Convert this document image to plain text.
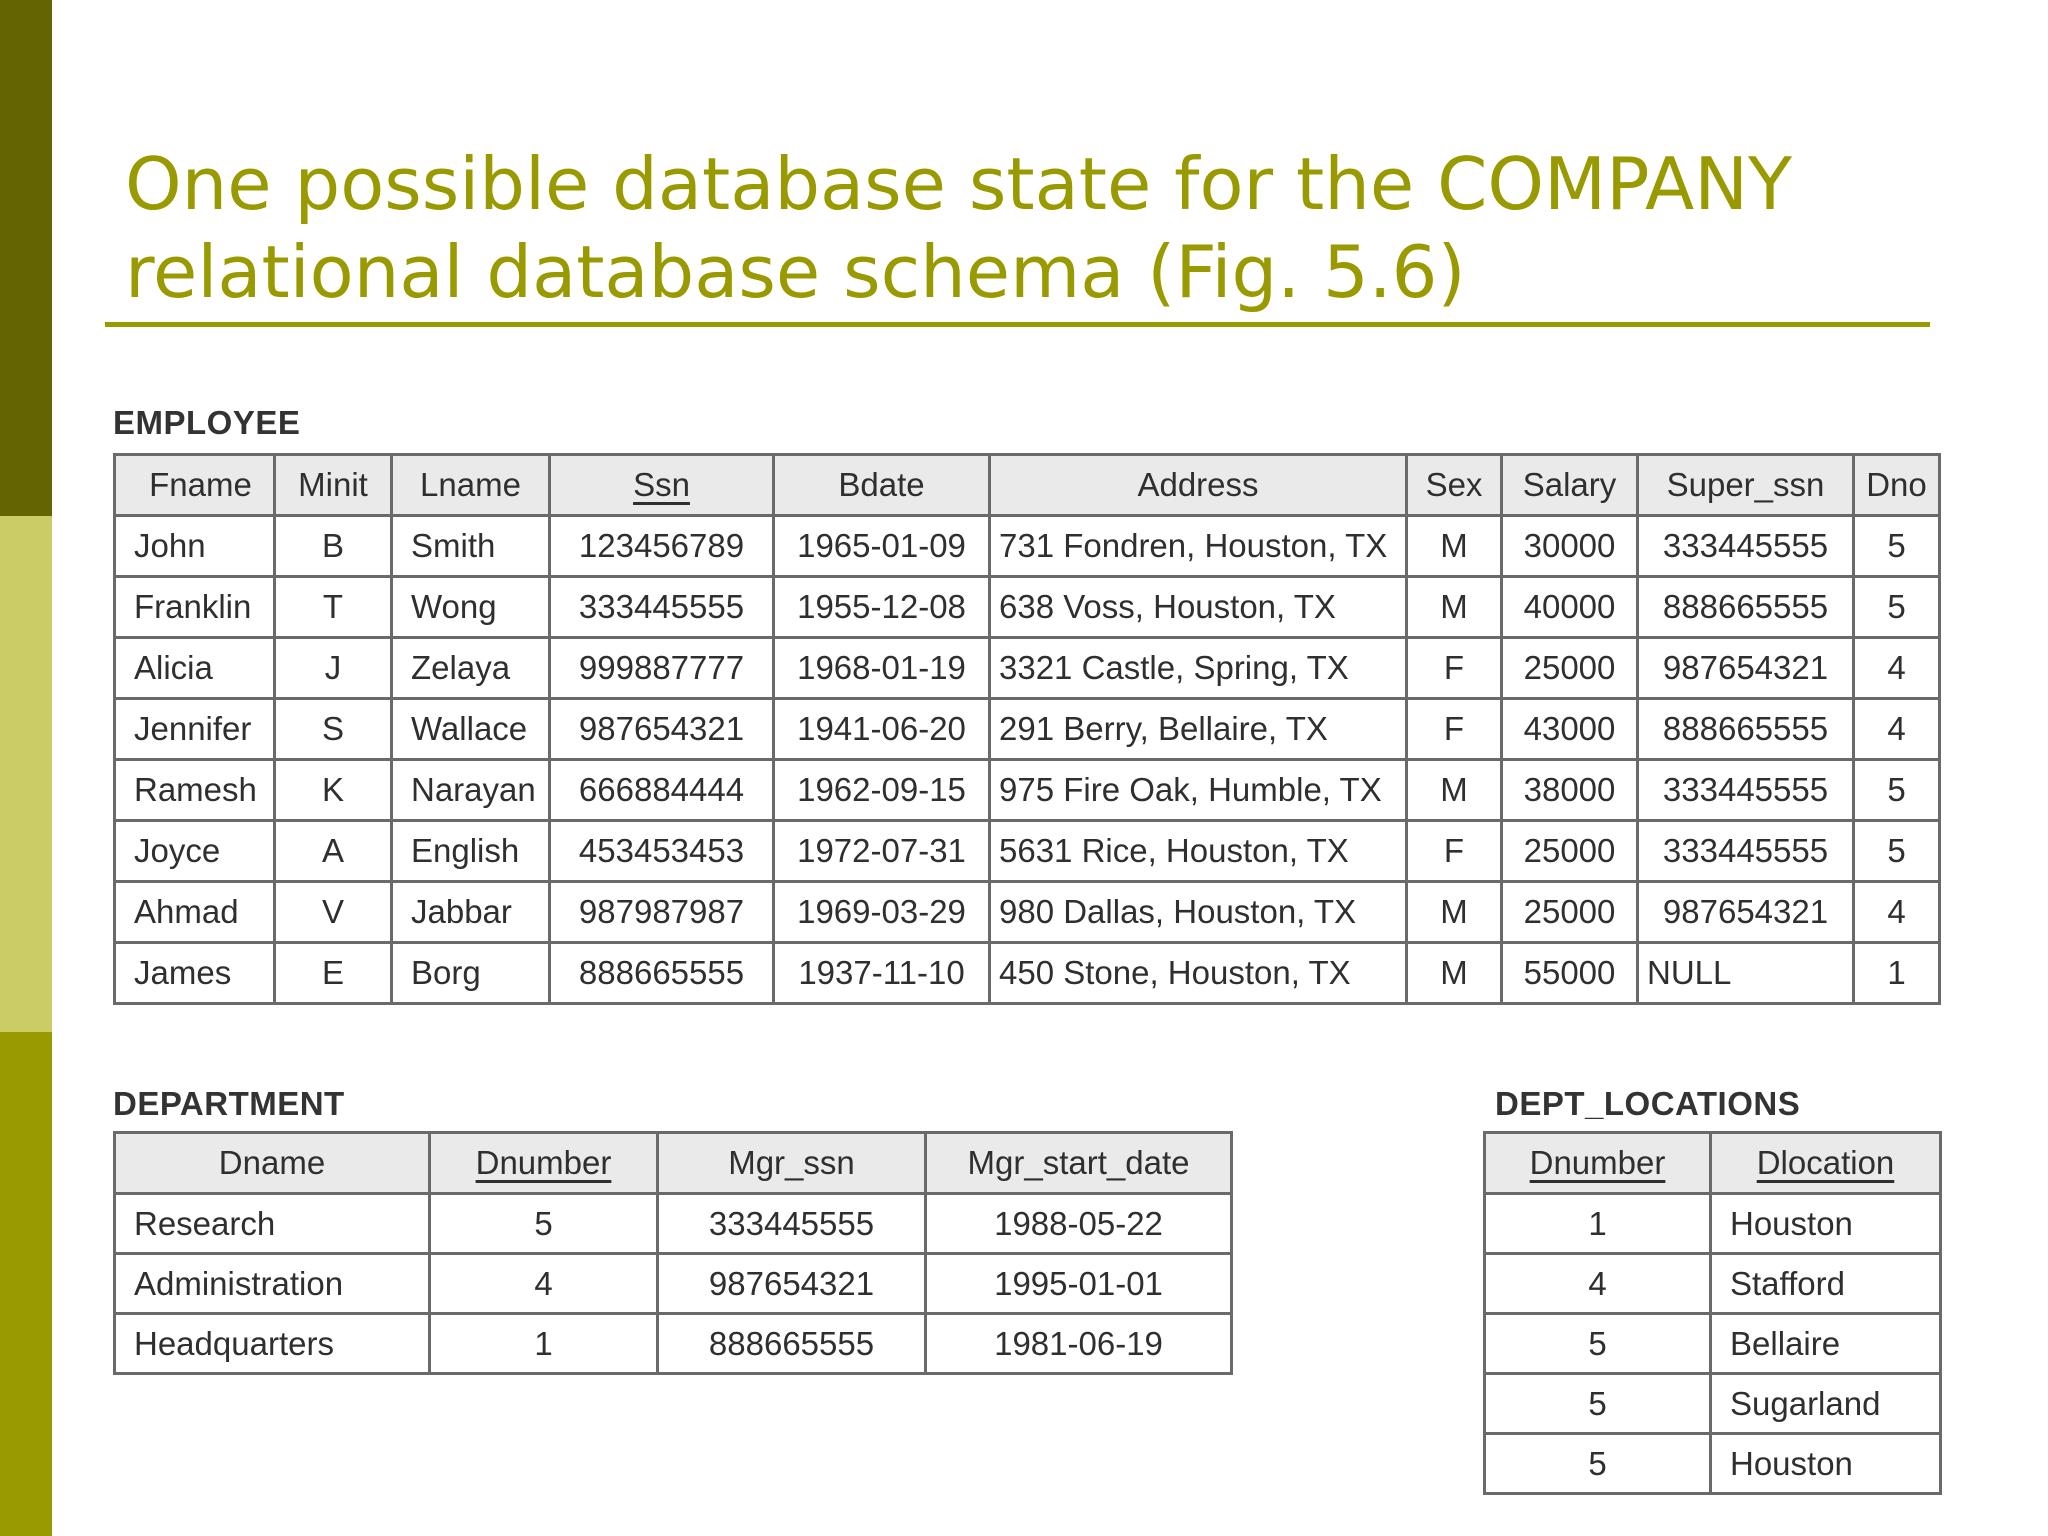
One possible database state for the COMPANY
relational database schema (Fig. 5.6)
EMPLOYEE
Fname	Minit	Lname	Ssn	Bdate	Address	Sex	Salary	Super_ssn	Dno
John	B	Smith	123456789	1965-01-09	731 Fondren, Houston, TX	M	30000	333445555	5
Franklin	T	Wong	333445555	1955-12-08	638 Voss, Houston, TX	M	40000	888665555	5
Alicia	J	Zelaya	999887777	1968-01-19	3321 Castle, Spring, TX	F	25000	987654321	4
Jennifer	S	Wallace	987654321	1941-06-20	291 Berry, Bellaire, TX	F	43000	888665555	4
Ramesh	K	Narayan	666884444	1962-09-15	975 Fire Oak, Humble, TX	M	38000	333445555	5
Joyce	A	English	453453453	1972-07-31	5631 Rice, Houston, TX	F	25000	333445555	5
Ahmad	V	Jabbar	987987987	1969-03-29	980 Dallas, Houston, TX	M	25000	987654321	4
James	E	Borg	888665555	1937-11-10	450 Stone, Houston, TX	M	55000	NULL	1
DEPARTMENT
Dname	Dnumber	Mgr_ssn	Mgr_start_date
Research	5	333445555	1988-05-22
Administration	4	987654321	1995-01-01
Headquarters	1	888665555	1981-06-19
DEPT_LOCATIONS
Dnumber	Dlocation
1	Houston
4	Stafford
5	Bellaire
5	Sugarland
5	Houston
